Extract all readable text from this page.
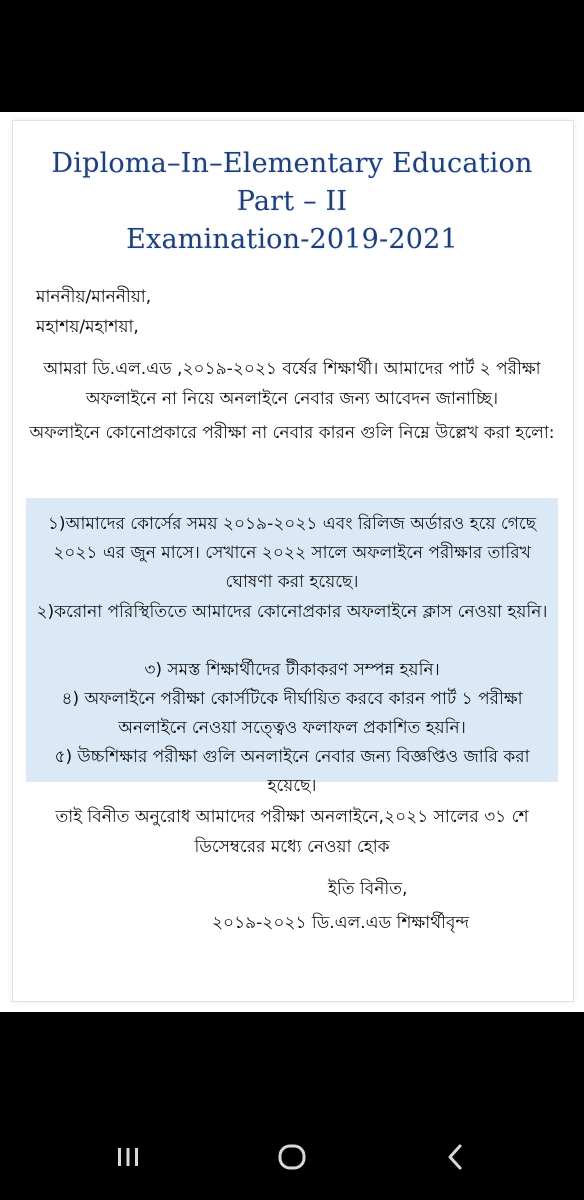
Diploma–In–Elementary Education
Part – II
Examination-2019-2021
মাননীয়/মাননীয়া,
মহাশয়/মহাশয়া,
আমরা ডি.এল.এড ,২০১৯-২০২১ বর্ষের শিক্ষার্থী। আমাদের পার্ট ২ পরীক্ষা অফলাইনে না নিয়ে অনলাইনে নেবার জন্য আবেদন জানাচ্ছি।
অফলাইনে কোনোপ্রকারে পরীক্ষা না নেবার কারন গুলি নিম্নে উল্লেখ করা হলো:
১)আমাদের কোর্সের সময় ২০১৯-২০২১ এবং রিলিজ অর্ডারও হয়ে গেছে ২০২১ এর জুন মাসে। সেখানে ২০২২ সালে অফলাইনে পরীক্ষার তারিখ ঘোষণা করা হয়েছে।
২)করোনা পরিস্থিতিতে আমাদের কোনোপ্রকার অফলাইনে ক্লাস নেওয়া হয়নি।
৩) সমস্ত শিক্ষার্থীদের টীকাকরণ সম্পন্ন হয়নি।
৪) অফলাইনে পরীক্ষা কোর্সটিকে দীর্ঘায়িত করবে কারন পার্ট ১ পরীক্ষা অনলাইনে নেওয়া সত্ত্বেও ফলাফল প্রকাশিত হয়নি।
৫) উচ্চশিক্ষার পরীক্ষা গুলি অনলাইনে নেবার জন্য বিজ্ঞপ্তিও জারি করা হয়েছে।
তাই বিনীত অনুরোধ আমাদের পরীক্ষা অনলাইনে,২০২১ সালের ৩১ শে ডিসেম্বরের মধ্যে নেওয়া হোক
ইতি বিনীত,
২০১৯-২০২১ ডি.এল.এড শিক্ষার্থীবৃন্দ
